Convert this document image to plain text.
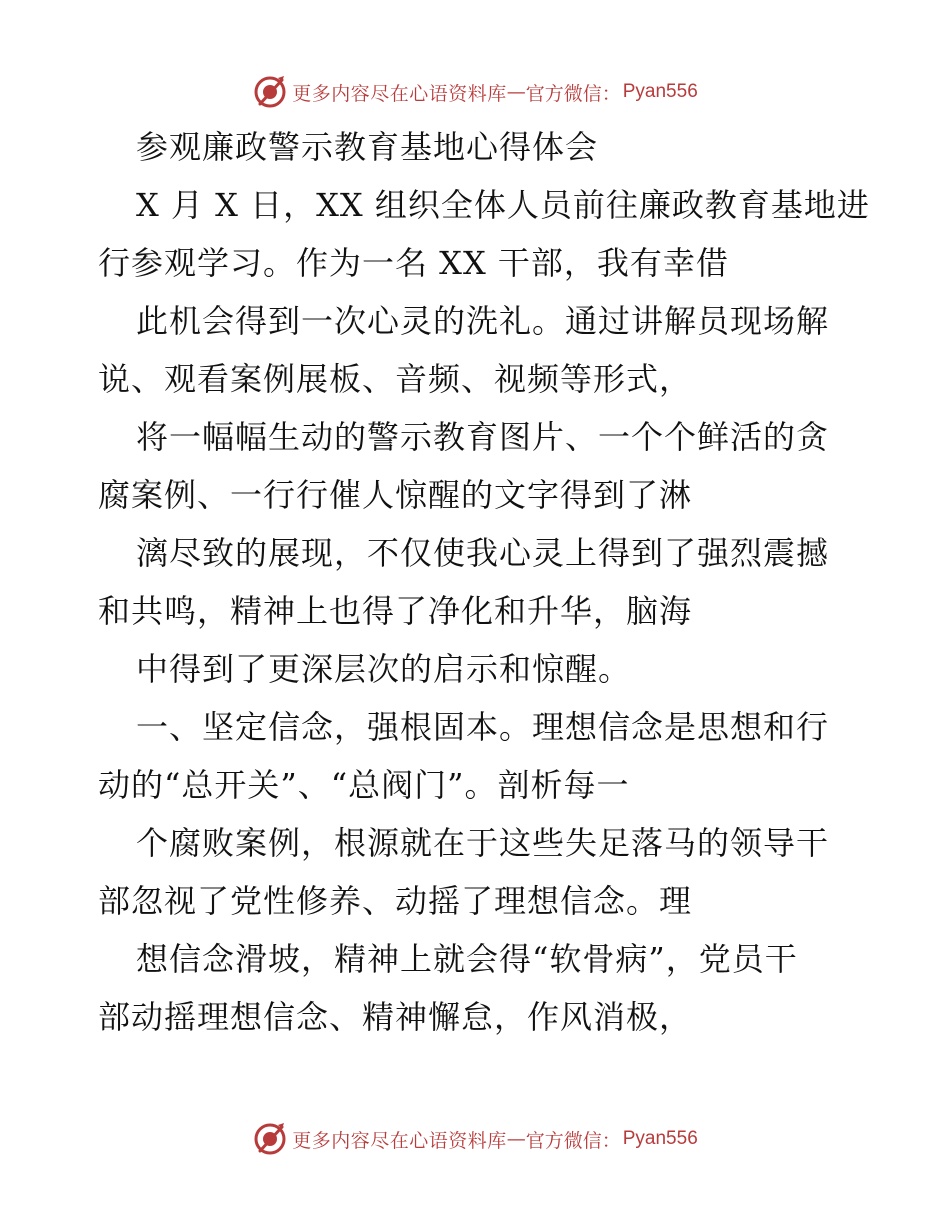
更多内容尽在心语资料库 — 官方微信： Pyan556
参观廉政警示教育基地心得体会
X 月 X 日，XX 组织全体人员前往廉政教育基地进
行参观学习。作为一名 XX 干部，我有幸借
此机会得到一次心灵的洗礼。通过讲解员现场解
说、观看案例展板、音频、视频等形式，
将一幅幅生动的警示教育图片、一个个鲜活的贪
腐案例、一行行催人惊醒的文字得到了淋
漓尽致的展现，不仅使我心灵上得到了强烈震撼
和共鸣，精神上也得了净化和升华，脑海
中得到了更深层次的启示和惊醒。
一、坚定信念，强根固本。理想信念是思想和行
动的“总开关”、“总阀门”。剖析每一
个腐败案例，根源就在于这些失足落马的领导干
部忽视了党性修养、动摇了理想信念。理
想信念滑坡，精神上就会得“软骨病”，党员干
部动摇理想信念、精神懈怠，作风消极，
更多内容尽在心语资料库 — 官方微信： Pyan556
